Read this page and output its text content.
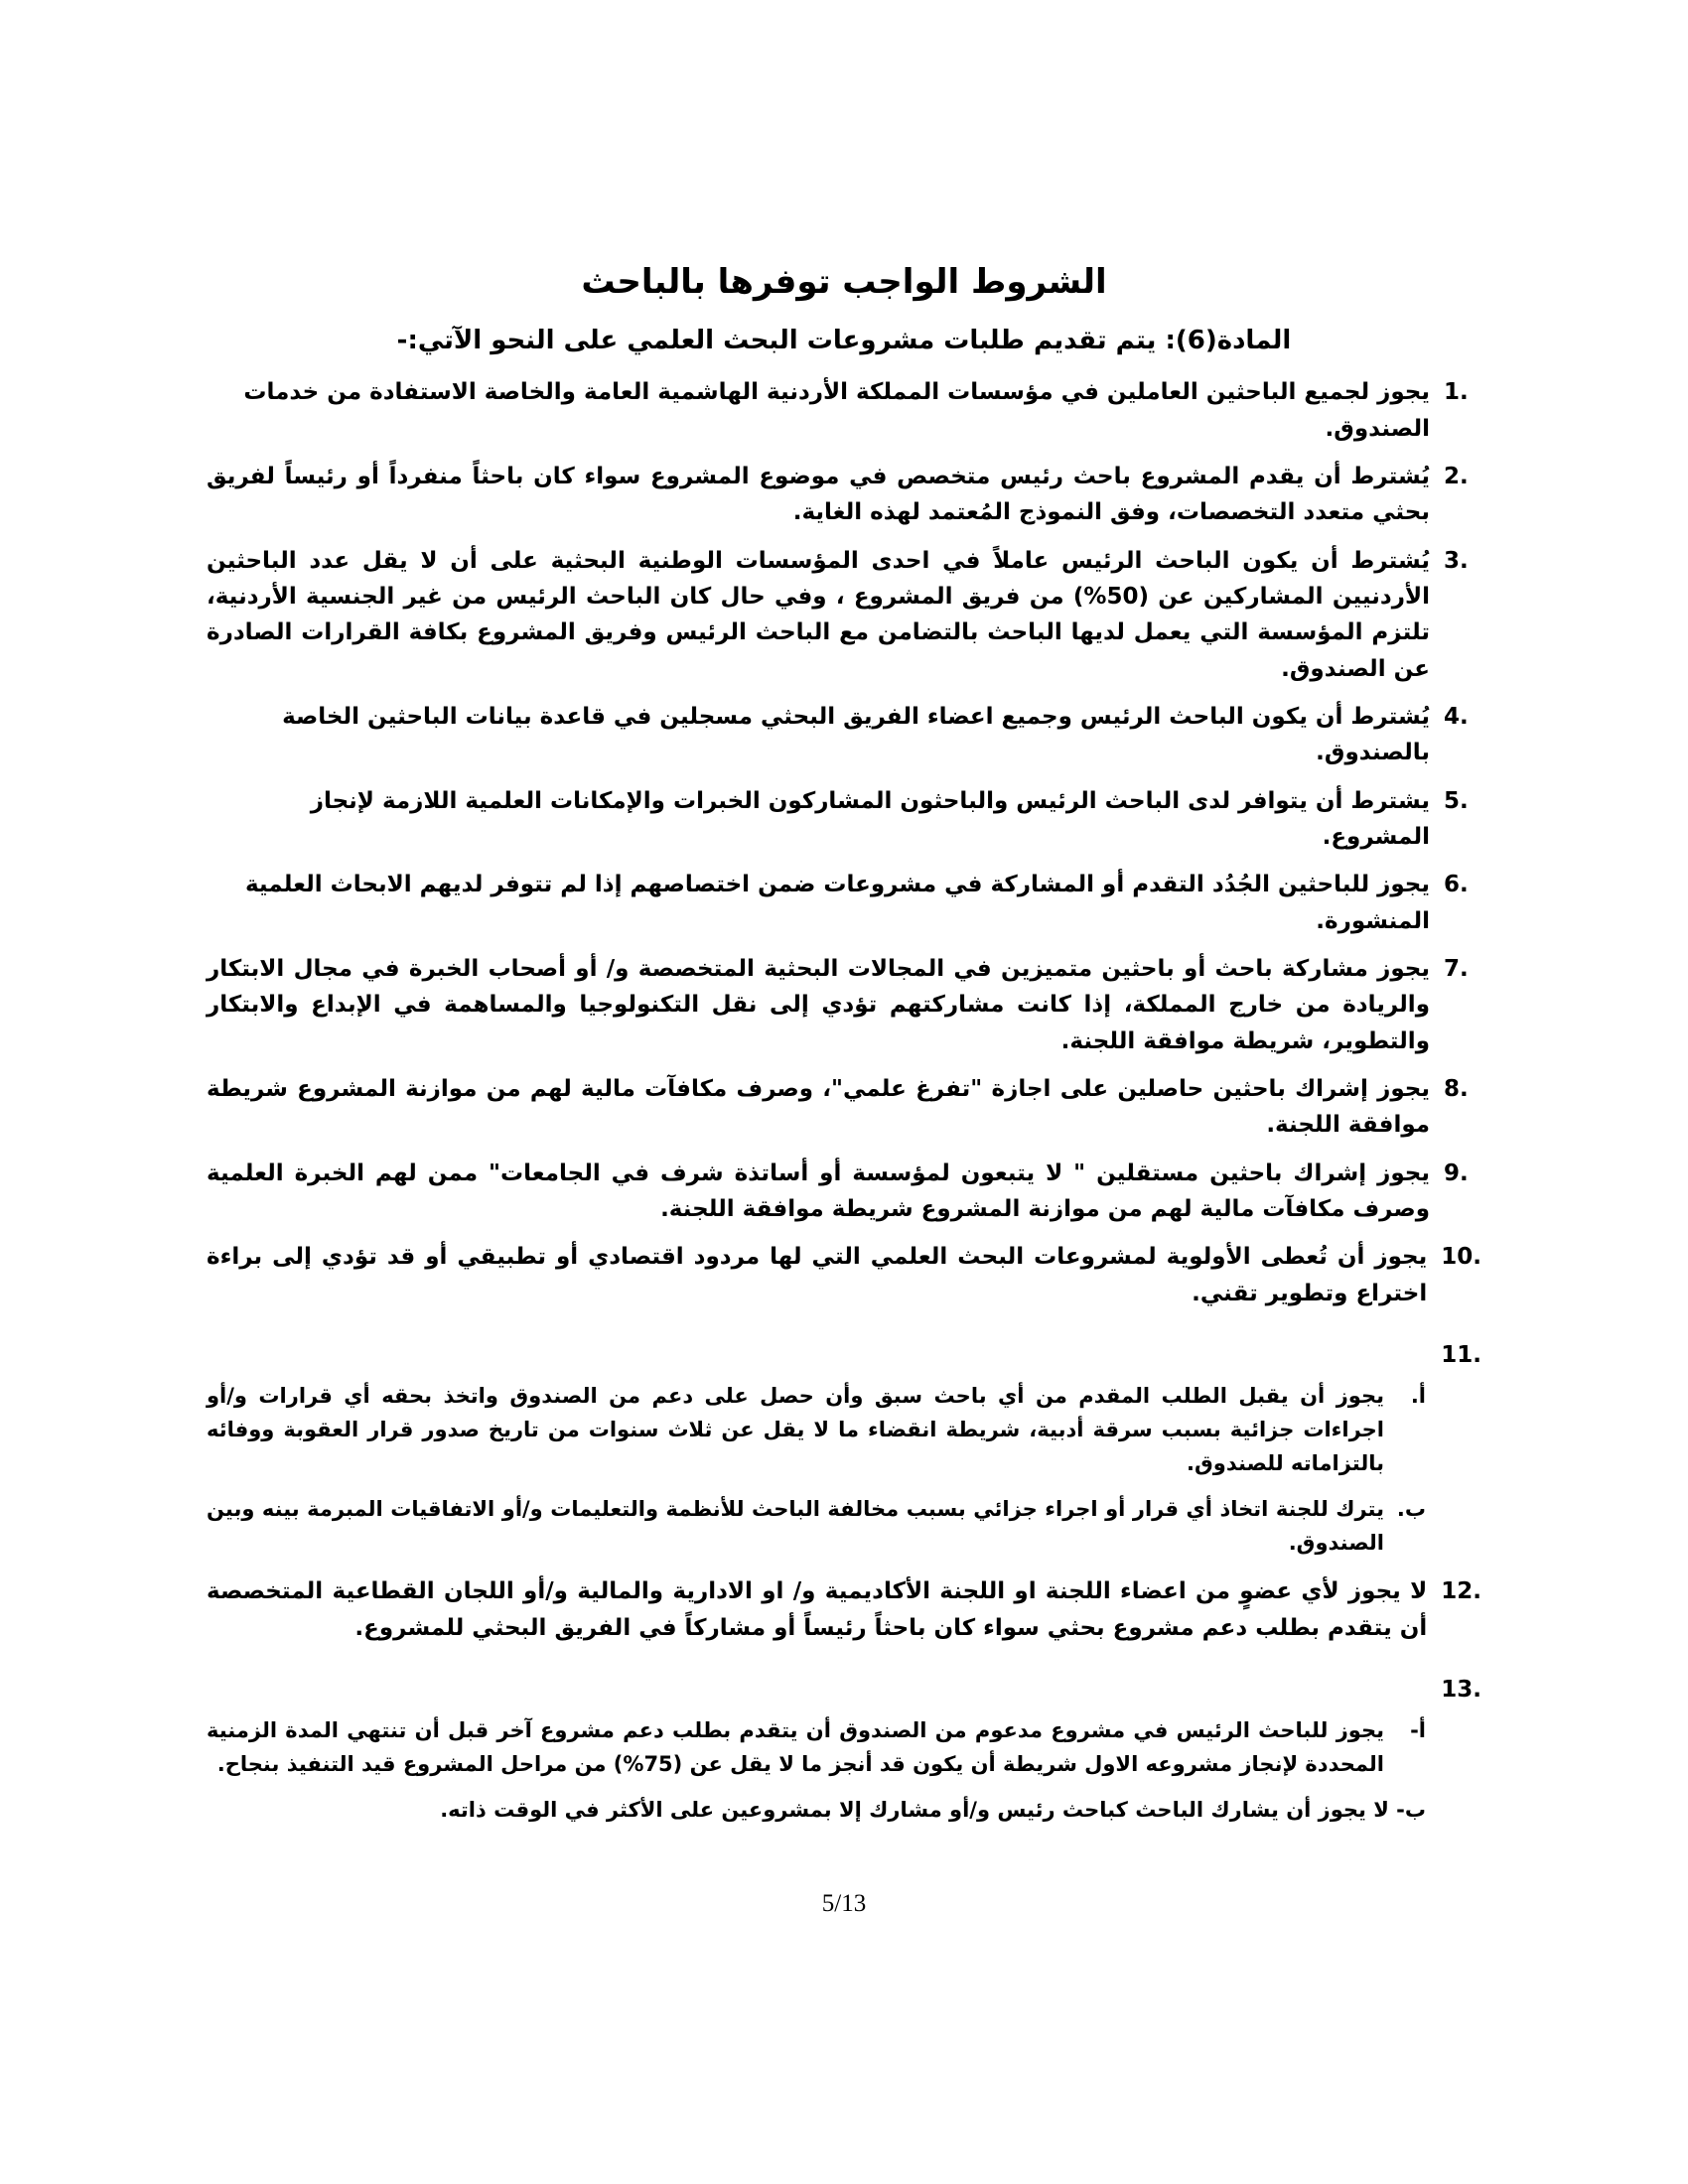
الشروط الواجب توفرها بالباحث
المادة(6): يتم تقديم طلبات مشروعات البحث العلمي على النحو الآتي:-
.1
يجوز لجميع الباحثين العاملين في مؤسسات المملكة الأردنية الهاشمية العامة والخاصة الاستفادة من خدمات الصندوق.
.2
يُشترط أن يقدم المشروع باحث رئيس متخصص في موضوع المشروع سواء كان باحثاً منفرداً أو رئيساً لفريق بحثي متعدد التخصصات، وفق النموذج المُعتمد لهذه الغاية.
.3
يُشترط أن يكون الباحث الرئيس عاملاً في احدى المؤسسات الوطنية البحثية على أن لا يقل عدد الباحثين الأردنيين المشاركين عن (50%) من فريق المشروع ، وفي حال كان الباحث الرئيس من غير الجنسية الأردنية، تلتزم المؤسسة التي يعمل لديها الباحث بالتضامن مع الباحث الرئيس وفريق المشروع بكافة القرارات الصادرة عن الصندوق.
.4
يُشترط أن يكون الباحث الرئيس وجميع اعضاء الفريق البحثي مسجلين في قاعدة بيانات الباحثين الخاصة بالصندوق.
.5
يشترط أن يتوافر لدى الباحث الرئيس والباحثون المشاركون الخبرات والإمكانات العلمية اللازمة لإنجاز المشروع.
.6
يجوز للباحثين الجُدُد التقدم أو المشاركة في مشروعات ضمن اختصاصهم إذا لم تتوفر لديهم الابحاث العلمية المنشورة.
.7
يجوز مشاركة باحث أو باحثين متميزين في المجالات البحثية المتخصصة و/ أو أصحاب الخبرة في مجال الابتكار والريادة من خارج المملكة، إذا كانت مشاركتهم تؤدي إلى نقل التكنولوجيا والمساهمة في الإبداع والابتكار والتطوير، شريطة موافقة اللجنة.
.8
يجوز إشراك باحثين حاصلين على اجازة "تفرغ علمي"، وصرف مكافآت مالية لهم من موازنة المشروع شريطة موافقة اللجنة.
.9
يجوز إشراك باحثين مستقلين " لا يتبعون لمؤسسة أو أساتذة شرف في الجامعات" ممن لهم الخبرة العلمية وصرف مكافآت مالية لهم من موازنة المشروع شريطة موافقة اللجنة.
.10
يجوز أن تُعطى الأولوية لمشروعات البحث العلمي التي لها مردود اقتصادي أو تطبيقي أو قد تؤدي إلى براءة اختراع وتطوير تقني.
.11
أ.
يجوز أن يقبل الطلب المقدم من أي باحث سبق وأن حصل على دعم من الصندوق واتخذ بحقه أي قرارات و/أو اجراءات جزائية بسبب سرقة أدبية، شريطة انقضاء ما لا يقل عن ثلاث سنوات من تاريخ صدور قرار العقوبة ووفائه بالتزاماته للصندوق.
ب.
يترك للجنة اتخاذ أي قرار أو اجراء جزائي بسبب مخالفة الباحث للأنظمة والتعليمات و/أو الاتفاقيات المبرمة بينه وبين الصندوق.
.12
لا يجوز لأي عضوٍ من اعضاء اللجنة او اللجنة الأكاديمية و/ او الادارية والمالية و/أو اللجان القطاعية المتخصصة أن يتقدم بطلب دعم مشروع بحثي سواء كان باحثاً رئيساً أو مشاركاً في الفريق البحثي للمشروع.
.13
أ-
يجوز للباحث الرئيس في مشروع مدعوم من الصندوق أن يتقدم بطلب دعم مشروع آخر قبل أن تنتهي المدة الزمنية المحددة لإنجاز مشروعه الاول شريطة أن يكون قد أنجز ما لا يقل عن (75%) من مراحل المشروع قيد التنفيذ بنجاح.
ب- لا يجوز أن يشارك الباحث كباحث رئيس و/أو مشارك إلا بمشروعين على الأكثر في الوقت ذاته.
5/13
